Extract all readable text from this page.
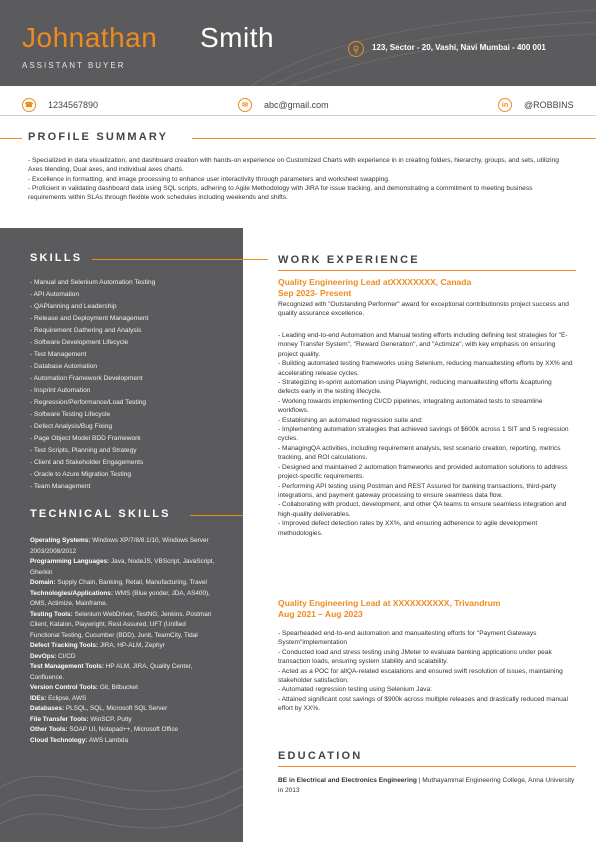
Johnathan Smith
ASSISTANT BUYER
123, Sector - 20, Vashi, Navi Mumbai - 400 001
☎ 1234567890	✉	abc@gmail.com	in	@ROBBINS
PROFILE SUMMARY
- Specialized in data visualization, and dashboard creation with hands-on experience on Customized Charts with experience in in creating folders, hierarchy, groups, and sets, utilizing Axes blending, Dual axes, and individual axes charts.
- Excellence in formatting, and image processing to enhance user interactivity through parameters and worksheet swapping.
- Proficient in validating dashboard data using SQL scripts, adhering to Agile Methodology with JIRA for issue tracking, and demonstrating a commitment to meeting business requirements within SLAs through flexible work schedules including weekends and shifts.
SKILLS
- Manual and Selenium Automation Testing
- API Automation
- QAPlanning and Leadership
- Release and Deployment Management
- Requirement Gathering and Analysis
- Software Development Lifecycle
- Test Management
- Database Automation
- Automation Framework Development
- Insprint Automation
- Regression/Performance/Load Testing
- Software Testing Lifecycle
- Defect Analysis/Bug Fixing
- Page Object Model BDD Framework
- Test Scripts, Planning and Strategy
- Client and Stakeholder Engagements
- Oracle to Azure Migration Testing
- Team Management
TECHNICAL SKILLS
Operating Systems: Windows XP/7/8/8.1/10, Windows Server 2003/2008/2012
Programming Languages: Java, NodeJS, VBScript, JavaScript, Gherkin
Domain: Supply Chain, Banking, Retail, Manufacturing, Travel
Technologies/Applications: WMS (Blue yonder, JDA, AS400), OMS, Actimize, Mainframe.
Testing Tools: Selenium WebDriver, TestNG, Jenkins. Postman Client, Katalon, Playwright, Rest Assured, UFT (Unified Functional Testing, Cucumber (BDD), Junit, TeamCity, Tidal
Defect Tracking Tools: JIRA, HP-ALM, Zephyr
DevOps: CI/CD
Test Management Tools: HP ALM, JIRA, Quality Center, Confluence.
Version Control Tools: Git, Bitbucket
IDEs: Eclipse, AWS
Databases: PLSQL, SQL, Microsoft SQL Server
File Transfer Tools: WinSCP, Putty
Other Tools: SOAP UI, Notepad++, Microsoft Office
Cloud Technology: AWS Lambda
WORK EXPERIENCE
Quality Engineering Lead atXXXXXXXX, Canada
Sep 2023- Present
Recognized with "Outstanding Performer" award for exceptional contributionsto project success and quality assurance excellence.
- Leading end-to-end Automation and Manual testing efforts including defining test strategies for "E-money Transfer System", "Reward Generation", and "Actimize", with key emphasis on ensuring project quality.
- Building automated testing frameworks using Selenium, reducing manualtesting efforts by XX% and accelerating release cycles.
- Strategizing in-sprint automation using Playwright, reducing manualtesting efforts &capturing defects early in the testing lifecycle.
- Working towards implementing CI/CD pipelines, integrating automated tests to streamline workflows.
- Establishing an automated regression suite and:
- Implementing automation strategies that achieved savings of $600k across 1 SIT and 5 regression cycles.
- ManagingQA activities, including requirement analysis, test scenario creation, reporting, metrics tracking, and ROI calculations.
- Designed and maintained 2 automation frameworks and provided automation solutions to address project-specific requirements.
- Performing API testing using Postman and REST Assured for banking transactions, third-party integrations, and payment gateway processing to ensure seamless data flow.
- Collaborating with product, development, and other QA teams to ensure seamless integration and high-quality deliverables.
- Improved defect detection rates by XX%, and ensuring adherence to agile development methodologies.
Quality Engineering Lead at XXXXXXXXXX, Trivandrum
Aug 2021 – Aug 2023
- Spearheaded end-to-end automation and manualtesting efforts for "Payment Gateways System"implementation
- Conducted load and stress testing using JMeter to evaluate banking applications under peak transaction loads, ensuring system stability and scalability.
- Acted as a POC for allQA-related escalations and ensured swift resolution of issues, maintaining stakeholder satisfaction.
- Automated regression testing using Selenium Java:
- Attained significant cost savings of $900k across multiple releases and drastically reduced manual effort by XX%.
EDUCATION
BE in Electrical and Electronics Engineering | Muthayammal Engineering College, Anna University in 2013
